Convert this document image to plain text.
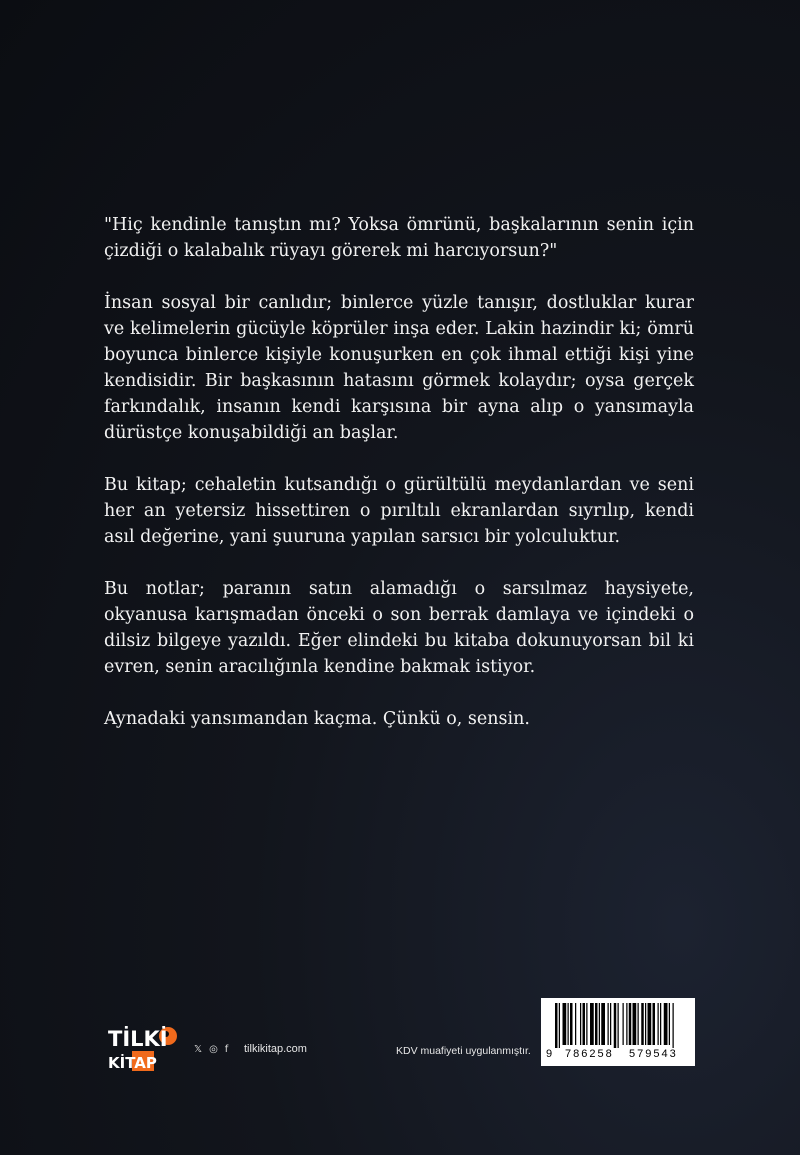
"Hiç kendinle tanıştın mı? Yoksa ömrünü, başkalarının senin için çizdiği o kalabalık rüyayı görerek mi harcıyorsun?"

İnsan sosyal bir canlıdır; binlerce yüzle tanışır, dostluklar kurar ve kelimelerin gücüyle köprüler inşa eder. Lakin hazindir ki; ömrü boyunca binlerce kişiyle konuşurken en çok ihmal ettiği kişi yine kendisidir. Bir başkasının hatasını görmek kolaydır; oysa gerçek farkındalık, insanın kendi karşısına bir ayna alıp o yansımayla dürüstçe konuşabildiği an başlar.

Bu kitap; cehaletin kutsandığı o gürültülü meydanlardan ve seni her an yetersiz hissettiren o pırıltılı ekranlardan sıyrılıp, kendi asıl değerine, yani şuuruna yapılan sarsıcı bir yolculuktur.

Bu notlar; paranın satın alamadığı o sarsılmaz haysiyete, okyanusa karışmadan önceki o son berrak damlaya ve içindeki o dilsiz bilgeye yazıldı. Eğer elindeki bu kitaba dokunuyorsan bil ki evren, senin aracılığınla kendine bakmak istiyor.

Aynadaki yansımandan kaçma. Çünkü o, sensin.

TİLKİ
KİTAP
𝕏 ◎ f tilkikitap.com	KDV muafiyeti uygulanmıştır. 9 786258 579543
